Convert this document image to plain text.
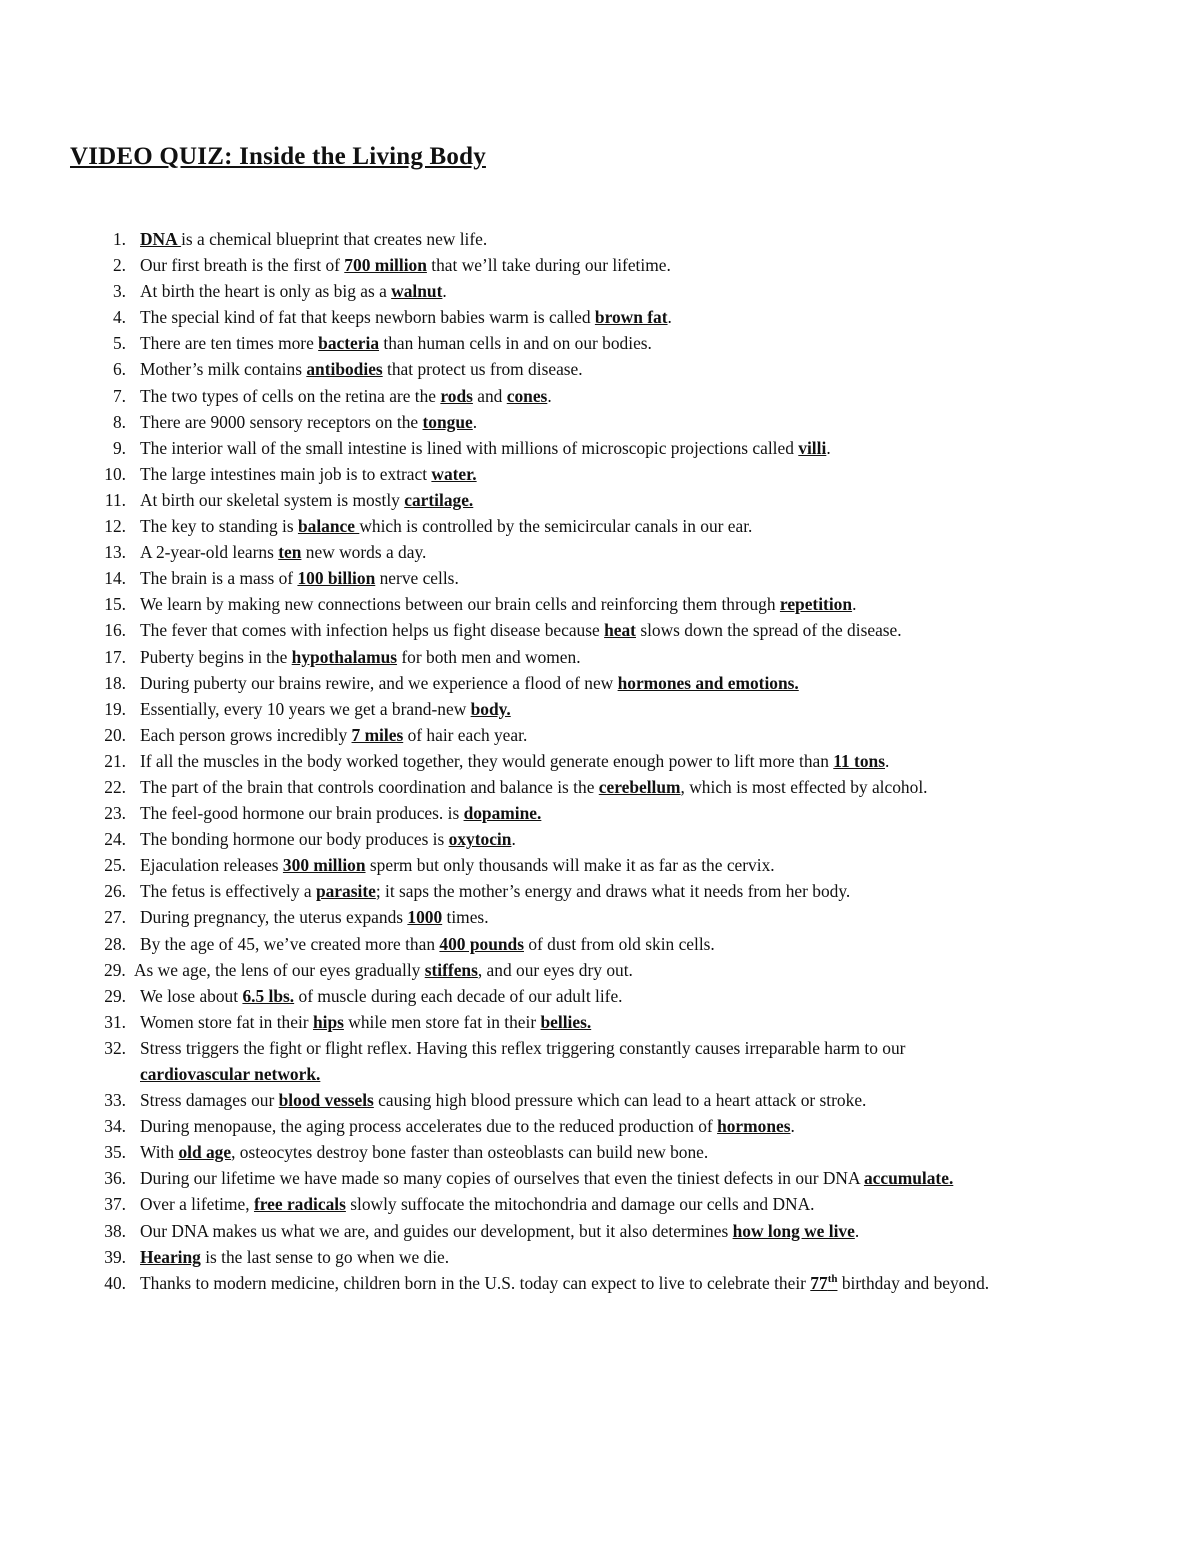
VIDEO QUIZ: Inside the Living Body
1. DNA is a chemical blueprint that creates new life.
2. Our first breath is the first of 700 million that we’ll take during our lifetime.
3. At birth the heart is only as big as a walnut.
4. The special kind of fat that keeps newborn babies warm is called brown fat.
5. There are ten times more bacteria than human cells in and on our bodies.
6. Mother’s milk contains antibodies that protect us from disease.
7. The two types of cells on the retina are the rods and cones.
8. There are 9000 sensory receptors on the tongue.
9. The interior wall of the small intestine is lined with millions of microscopic projections called villi.
10. The large intestines main job is to extract water.
11. At birth our skeletal system is mostly cartilage.
12. The key to standing is balance which is controlled by the semicircular canals in our ear.
13. A 2-year-old learns ten new words a day.
14. The brain is a mass of 100 billion nerve cells.
15. We learn by making new connections between our brain cells and reinforcing them through repetition.
16. The fever that comes with infection helps us fight disease because heat slows down the spread of the disease.
17. Puberty begins in the hypothalamus for both men and women.
18. During puberty our brains rewire, and we experience a flood of new hormones and emotions.
19. Essentially, every 10 years we get a brand-new body.
20. Each person grows incredibly 7 miles of hair each year.
21. If all the muscles in the body worked together, they would generate enough power to lift more than 11 tons.
22. The part of the brain that controls coordination and balance is the cerebellum, which is most effected by alcohol.
23. The feel-good hormone our brain produces. is dopamine.
24. The bonding hormone our body produces is oxytocin.
25. Ejaculation releases 300 million sperm but only thousands will make it as far as the cervix.
26. The fetus is effectively a parasite; it saps the mother’s energy and draws what it needs from her body.
27. During pregnancy, the uterus expands 1000 times.
28. By the age of 45, we’ve created more than 400 pounds of dust from old skin cells.
29. As we age, the lens of our eyes gradually stiffens, and our eyes dry out.
29. We lose about 6.5 lbs. of muscle during each decade of our adult life.
31. Women store fat in their hips while men store fat in their bellies.
32. Stress triggers the fight or flight reflex. Having this reflex triggering constantly causes irreparable harm to our
cardiovascular network.
33. Stress damages our blood vessels causing high blood pressure which can lead to a heart attack or stroke.
34. During menopause, the aging process accelerates due to the reduced production of hormones.
35. With old age, osteocytes destroy bone faster than osteoblasts can build new bone.
36. During our lifetime we have made so many copies of ourselves that even the tiniest defects in our DNA accumulate.
37. Over a lifetime, free radicals slowly suffocate the mitochondria and damage our cells and DNA.
38. Our DNA makes us what we are, and guides our development, but it also determines how long we live.
39. Hearing is the last sense to go when we die.
40. Thanks to modern medicine, children born in the U.S. today can expect to live to celebrate their 77th birthday and beyond.
